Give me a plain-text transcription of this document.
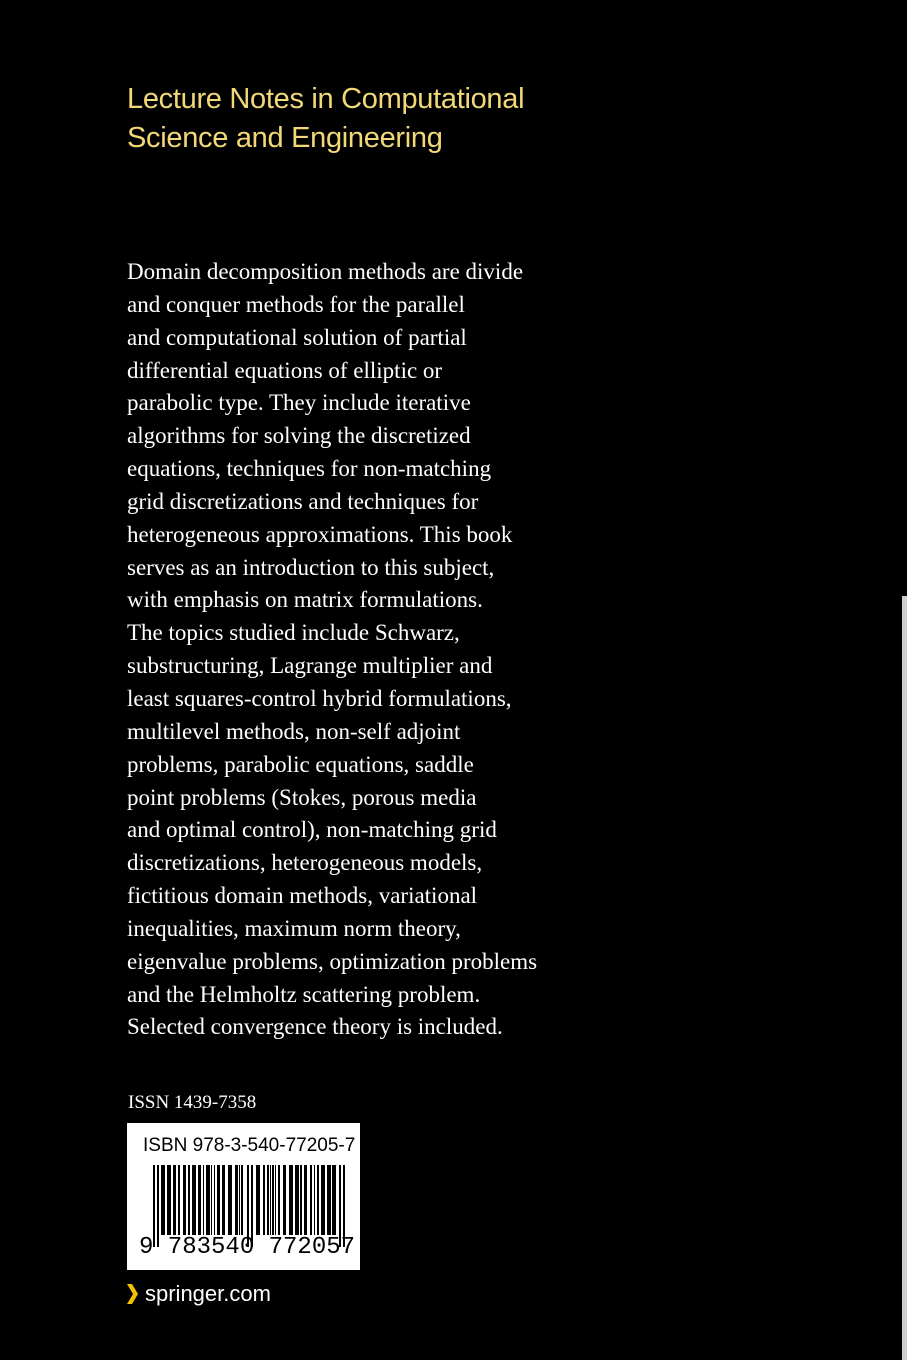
Lecture Notes in Computational
Science and Engineering
Domain decomposition methods are divide
and conquer methods for the parallel
and computational solution of partial
differential equations of elliptic or
parabolic type. They include iterative
algorithms for solving the discretized
equations, techniques for non-matching
grid discretizations and techniques for
heterogeneous approximations. This book
serves as an introduction to this subject,
with emphasis on matrix formulations.
The topics studied include Schwarz,
substructuring, Lagrange multiplier and
least squares-control hybrid formulations,
multilevel methods, non-self adjoint
problems, parabolic equations, saddle
point problems (Stokes, porous media
and optimal control), non-matching grid
discretizations, heterogeneous models,
fictitious domain methods, variational
inequalities, maximum norm theory,
eigenvalue problems, optimization problems
and the Helmholtz scattering problem.
Selected convergence theory is included.
ISSN 1439-7358
ISBN 978-3-540-77205-7
9 783540 772057
springer.com
